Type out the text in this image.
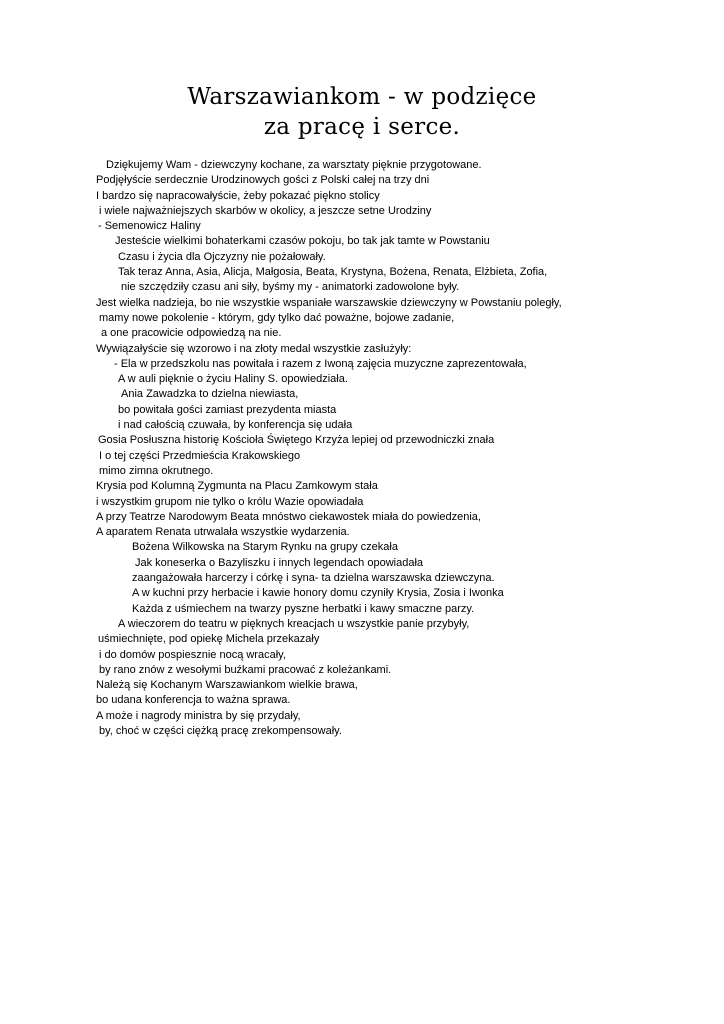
Warszawiankom - w podzięce
za pracę i serce.
Dziękujemy Wam - dziewczyny kochane, za warsztaty pięknie przygotowane.
Podjęłyście serdecznie Urodzinowych gości z Polski całej na trzy dni
I bardzo się napracowałyście, żeby pokazać piękno stolicy
i wiele najważniejszych skarbów w okolicy, a jeszcze setne Urodziny
- Semenowicz Haliny
Jesteście wielkimi bohaterkami czasów pokoju, bo tak jak tamte w Powstaniu
Czasu i życia dla Ojczyzny nie pożałowały.
Tak teraz Anna, Asia, Alicja, Małgosia, Beata, Krystyna, Bożena, Renata, Elżbieta, Zofia,
nie szczędziły czasu ani siły, byśmy my - animatorki zadowolone były.
Jest wielka nadzieja, bo nie wszystkie wspaniałe warszawskie dziewczyny w Powstaniu poległy,
mamy nowe pokolenie - którym, gdy tylko dać poważne, bojowe zadanie,
a one pracowicie odpowiedzą na nie.
Wywiązałyście się wzorowo i na złoty medal wszystkie zasłużyły:
- Ela w przedszkolu nas powitała i razem z Iwoną zajęcia muzyczne zaprezentowała,
A w auli pięknie o życiu Haliny S. opowiedziała.
Ania Zawadzka to dzielna niewiasta,
bo powitała gości zamiast prezydenta miasta
i nad całością czuwała, by konferencja się udała
Gosia Posłuszna historię Kościoła Świętego Krzyża lepiej od przewodniczki znała
I o tej części Przedmieścia Krakowskiego
mimo zimna okrutnego.
Krysia pod Kolumną Zygmunta na Placu Zamkowym stała
i wszystkim grupom nie tylko o królu Wazie opowiadała
A przy Teatrze Narodowym Beata mnóstwo ciekawostek miała do powiedzenia,
A aparatem Renata utrwalała wszystkie wydarzenia.
Bożena Wilkowska na Starym Rynku na grupy czekała
Jak koneserka o Bazyliszku i innych legendach opowiadała
zaangażowała harcerzy i córkę i syna- ta dzielna warszawska dziewczyna.
A w kuchni przy herbacie i kawie honory domu czyniły Krysia, Zosia i Iwonka
Każda z uśmiechem na twarzy pyszne herbatki i kawy smaczne parzy.
A wieczorem do teatru w pięknych kreacjach u wszystkie panie przybyły,
uśmiechnięte, pod opiekę Michela przekazały
i do domów pospiesznie nocą wracały,
by rano znów z wesołymi buźkami pracować z koleżankami.
Należą się Kochanym Warszawiankom wielkie brawa,
bo udana konferencja to ważna sprawa.
A może i nagrody ministra by się przydały,
by, choć w części ciężką pracę zrekompensowały.
